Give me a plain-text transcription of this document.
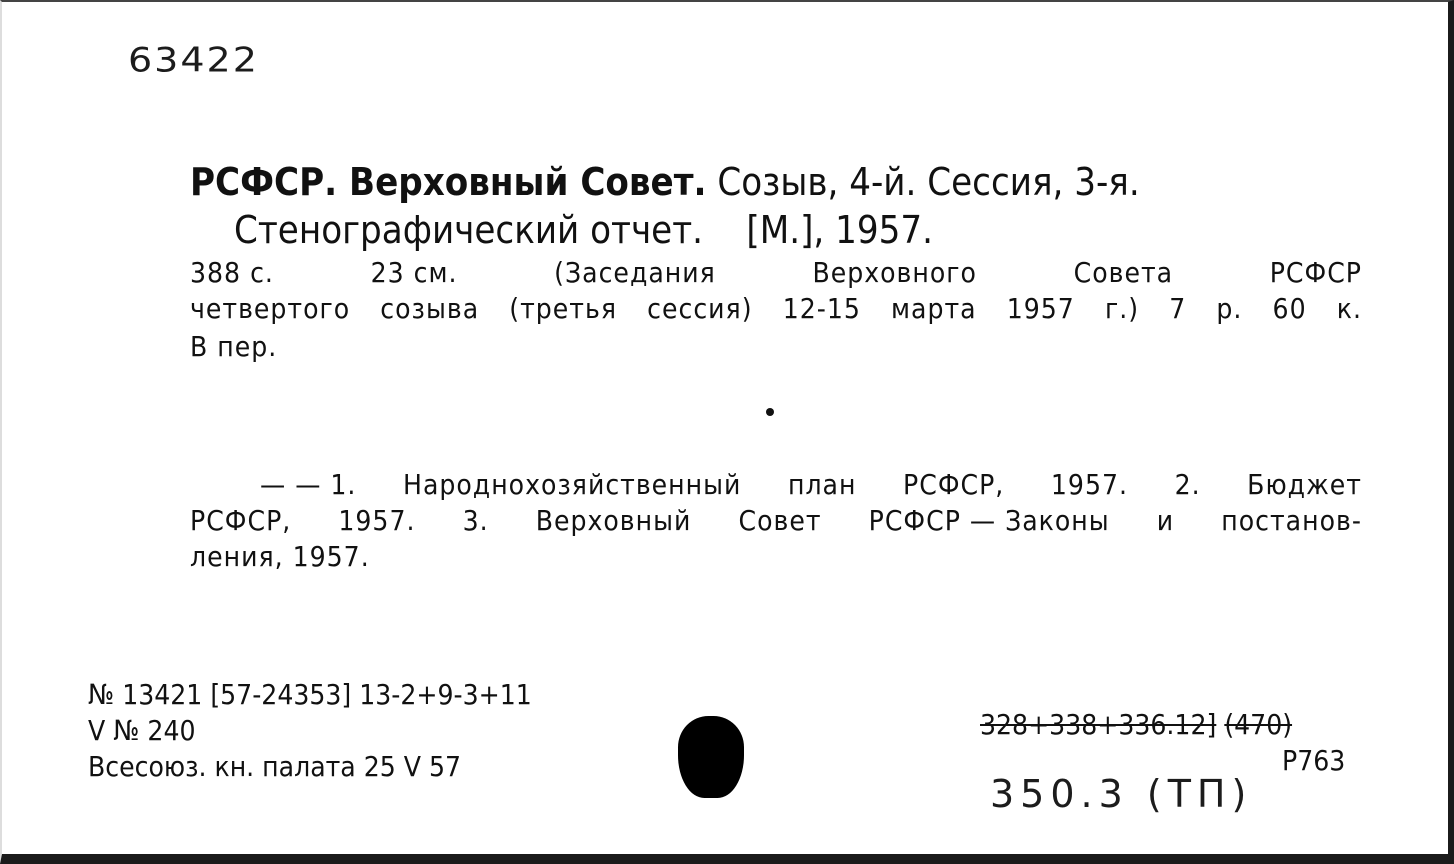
63422
РСФСР. Верховный Совет. Созыв, 4-й. Сессия, 3-я.
Стенографический отчет.    [М.], 1957.
388 с.	23 см.	(Заседания	Верховного	Совета	РСФСР
четвертого созыва (третья сессия) 12-15 марта 1957 г.) 7 р. 60 к.
В пер.
— — 1. Народнохозяйственный план РСФСР, 1957. 2. Бюджет
РСФСР, 1957. 3. Верховный Совет РСФСР — Законы и постанов-
ления, 1957.
№ 13421 [57-24353] 13-2+9-3+11
V № 240
Всесоюз. кн. палата 25 V 57
328+338+336.12] (470)
Р763
350.3 (ТП)
